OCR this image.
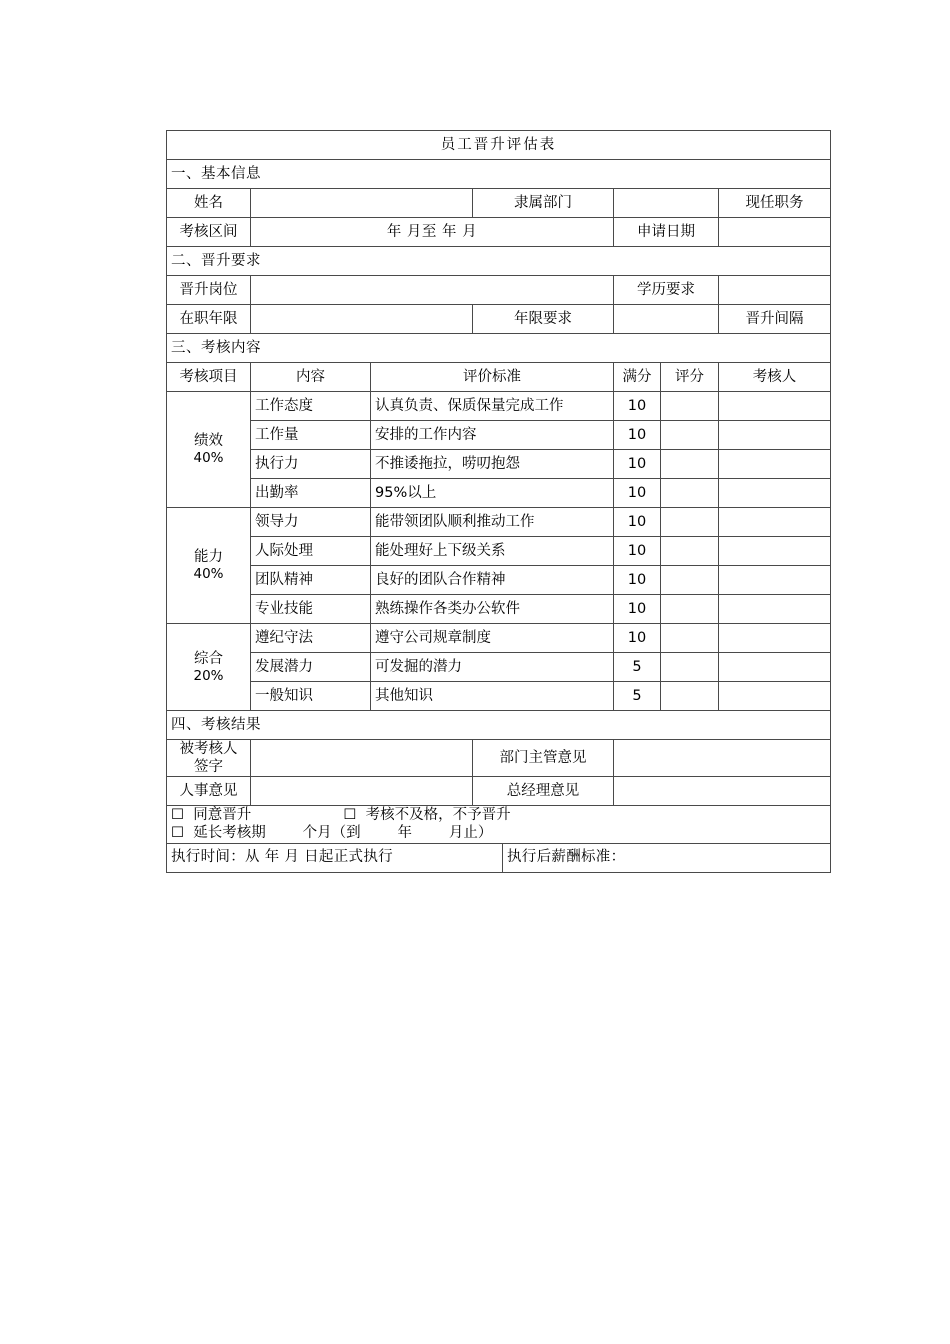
员工晋升评估表								
一、基本信息								
姓名			隶属部门				现任职务	
考核区间	年 月至 年 月				申请日期			
二、晋升要求								
晋升岗位					学历要求			
在职年限			年限要求				晋升间隔	
三、考核内容								
考核项目	内容	评价标准			满分	评分	考核人	

绩效
40%	工作态度	认真负责、保质保量完成工作			10			
	工作量	安排的工作内容			10			
	执行力	不推诿拖拉，唠叨抱怨			10			
	出勤率	95%以上			10			

能力
40%	领导力	能带领团队顺利推动工作			10			
	人际处理	能处理好上下级关系			10			
	团队精神	良好的团队合作精神			10			
	专业技能	熟练操作各类办公软件			10			

综合
20%	遵纪守法	遵守公司规章制度			10			
	发展潜力	可发掘的潜力			5			
	一般知识	其他知识			5			
四、考核结果								
被考核人
签字			部门主管意见					
人事意见			总经理意见					

☐  同意晋升                    ☐  考核不及格，不予晋升
☐  延长考核期        个月（到        年        月止）								

执行时间：从 年 月 日起正式执行				执行后薪酬标准：				
